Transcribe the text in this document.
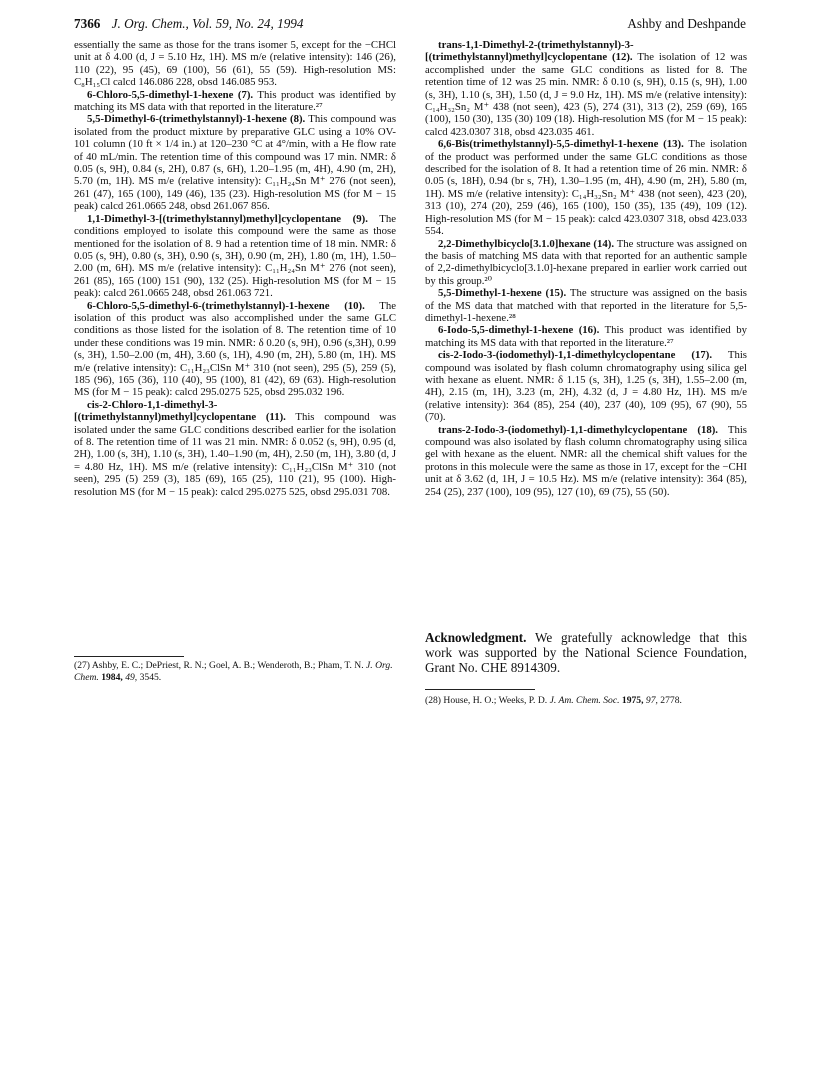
7366 J. Org. Chem., Vol. 59, No. 24, 1994	Ashby and Deshpande

essentially the same as those for the trans isomer 5, except for the −CHCl unit at δ 4.00 (d, J = 5.10 Hz, 1H). MS m/e (relative intensity): 146 (26), 110 (22), 95 (45), 69 (100), 56 (61), 55 (59). High-resolution MS: C₈H₁₅Cl calcd 146.086 228, obsd 146.085 953.

6-Chloro-5,5-dimethyl-1-hexene (7). This product was identified by matching its MS data with that reported in the literature.²⁷

5,5-Dimethyl-6-(trimethylstannyl)-1-hexene (8). This compound was isolated from the product mixture by preparative GLC using a 10% OV-101 column (10 ft × 1/4 in.) at 120–230 °C at 4°/min, with a He flow rate of 40 mL/min. The retention time of this compound was 17 min. NMR: δ 0.05 (s, 9H), 0.84 (s, 2H), 0.87 (s, 6H), 1.20–1.95 (m, 4H), 4.90 (m, 2H), 5.70 (m, 1H). MS m/e (relative intensity): C₁₁H₂₄Sn M⁺ 276 (not seen), 261 (47), 165 (100), 149 (46), 135 (23). High-resolution MS (for M − 15 peak) calcd 261.0665 248, obsd 261.067 856.

1,1-Dimethyl-3-[(trimethylstannyl)methyl]cyclopentane (9). The conditions employed to isolate this compound were the same as those mentioned for the isolation of 8. 9 had a retention time of 18 min. NMR: δ 0.05 (s, 9H), 0.80 (s, 3H), 0.90 (s, 3H), 0.90 (m, 2H), 1.80 (m, 1H), 1.50–2.00 (m, 6H). MS m/e (relative intensity): C₁₁H₂₄Sn M⁺ 276 (not seen), 261 (85), 165 (100) 151 (90), 132 (25). High-resolution MS (for M − 15 peak): calcd 261.0665 248, obsd 261.063 721.

6-Chloro-5,5-dimethyl-6-(trimethylstannyl)-1-hexene (10). The isolation of this product was also accomplished under the same GLC conditions as those listed for the isolation of 8. The retention time of 10 under these conditions was 19 min. NMR: δ 0.20 (s, 9H), 0.96 (s,3H), 0.99 (s, 3H), 1.50–2.00 (m, 4H), 3.60 (s, 1H), 4.90 (m, 2H), 5.80 (m, 1H). MS m/e (relative intensity): C₁₁H₂₃ClSn M⁺ 310 (not seen), 295 (5), 259 (5), 185 (96), 165 (36), 110 (40), 95 (100), 81 (42), 69 (63). High-resolution MS (for M − 15 peak): calcd 295.0275 525, obsd 295.032 196.

cis-2-Chloro-1,1-dimethyl-3-[(trimethylstannyl)methyl]cyclopentane (11). This compound was isolated under the same GLC conditions described earlier for the isolation of 8. The retention time of 11 was 21 min. NMR: δ 0.052 (s, 9H), 0.95 (d, 2H), 1.00 (s, 3H), 1.10 (s, 3H), 1.40–1.90 (m, 4H), 2.50 (m, 1H), 3.80 (d, J = 4.80 Hz, 1H). MS m/e (relative intensity): C₁₁H₂₃ClSn M⁺ 310 (not seen), 295 (5) 259 (3), 185 (69), 165 (25), 110 (21), 95 (100). High-resolution MS (for M − 15 peak): calcd 295.0275 525, obsd 295.031 708.

trans-1,1-Dimethyl-2-(trimethylstannyl)-3-[(trimethylstannyl)methyl]cyclopentane (12). The isolation of 12 was accomplished under the same GLC conditions as listed for 8. The retention time of 12 was 25 min. NMR: δ 0.10 (s, 9H), 0.15 (s, 9H), 1.00 (s, 3H), 1.10 (s, 3H), 1.50 (d, J = 9.0 Hz, 1H). MS m/e (relative intensity): C₁₄H₃₂Sn₂ M⁺ 438 (not seen), 423 (5), 274 (31), 313 (2), 259 (69), 165 (100), 150 (30), 135 (30) 109 (18). High-resolution MS (for M − 15 peak): calcd 423.0307 318, obsd 423.035 461.

6,6-Bis(trimethylstannyl)-5,5-dimethyl-1-hexene (13). The isolation of the product was performed under the same GLC conditions as those described for the isolation of 8. It had a retention time of 26 min. NMR: δ 0.05 (s, 18H), 0.94 (br s, 7H), 1.30–1.95 (m, 4H), 4.90 (m, 2H), 5.80 (m, 1H). MS m/e (relative intensity): C₁₄H₃₂Sn₂ M⁺ 438 (not seen), 423 (20), 313 (10), 274 (20), 259 (46), 165 (100), 150 (35), 135 (49), 109 (12). High-resolution MS (for M − 15 peak): calcd 423.0307 318, obsd 423.033 554.

2,2-Dimethylbicyclo[3.1.0]hexane (14). The structure was assigned on the basis of matching MS data with that reported for an authentic sample of 2,2-dimethylbicyclo[3.1.0]-hexane prepared in earlier work carried out by this group.²⁰

5,5-Dimethyl-1-hexene (15). The structure was assigned on the basis of the MS data that matched with that reported in the literature for 5,5-dimethyl-1-hexene.²⁸

6-Iodo-5,5-dimethyl-1-hexene (16). This product was identified by matching its MS data with that reported in the literature.²⁷

cis-2-Iodo-3-(iodomethyl)-1,1-dimethylcyclopentane (17). This compound was isolated by flash column chromatography using silica gel with hexane as eluent. NMR: δ 1.15 (s, 3H), 1.25 (s, 3H), 1.55–2.00 (m, 4H), 2.15 (m, 1H), 3.23 (m, 2H), 4.32 (d, J = 4.80 Hz, 1H). MS m/e (relative intensity): 364 (85), 254 (40), 237 (40), 109 (95), 67 (90), 55 (70).

trans-2-Iodo-3-(iodomethyl)-1,1-dimethylcyclopentane (18). This compound was also isolated by flash column chromatography using silica gel with hexane as the eluent. NMR: all the chemical shift values for the protons in this molecule were the same as those in 17, except for the −CHI unit at δ 3.62 (d, 1H, J = 10.5 Hz). MS m/e (relative intensity): 364 (85), 254 (25), 237 (100), 109 (95), 127 (10), 69 (75), 55 (50).

Acknowledgment. We gratefully acknowledge that this work was supported by the National Science Foundation, Grant No. CHE 8914309.
(27) Ashby, E. C.; DePriest, R. N.; Goel, A. B.; Wenderoth, B.; Pham, T. N. J. Org. Chem. 1984, 49, 3545.
(28) House, H. O.; Weeks, P. D. J. Am. Chem. Soc. 1975, 97, 2778.
